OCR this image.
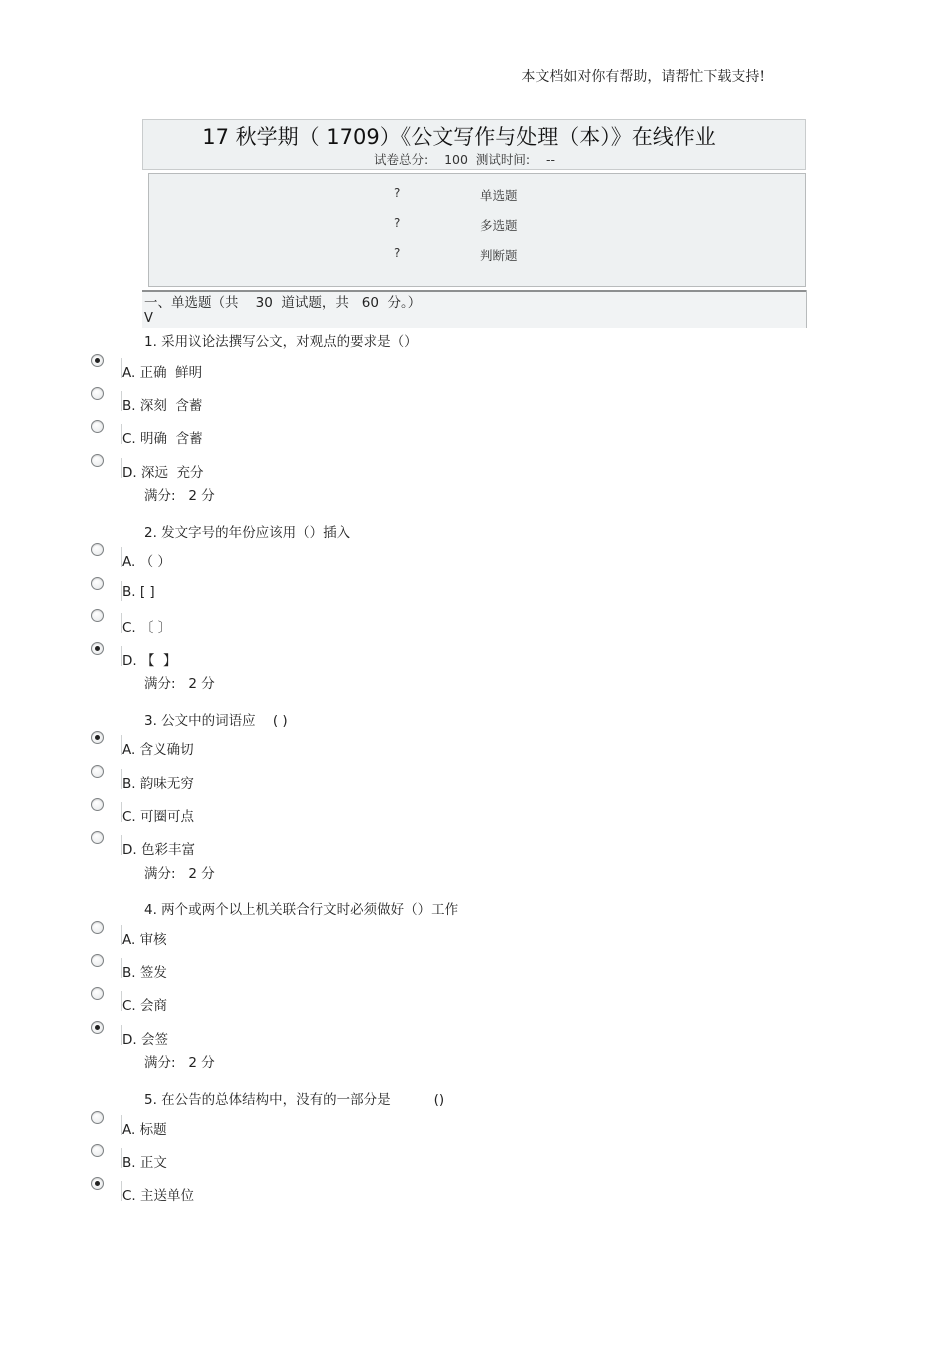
本文档如对你有帮助，请帮忙下载支持!
17 秋学期（ 1709）《公文写作与处理（本）》在线作业
试卷总分:    100  测试时间:    --
?	单选题
?	多选题
?	判断题
一、单选题（共    30  道试题，共   60  分。）
V
1. 采用议论法撰写公文，对观点的要求是（）
A. 正确  鲜明
B. 深刻  含蓄
C. 明确  含蓄
D. 深远  充分
满分:   2 分
2. 发文字号的年份应该用（）插入
A. （ ）
B. [ ]
C. 〔 〕
D. 【  】
满分:   2 分
3. 公文中的词语应    ( )
A. 含义确切
B. 韵味无穷
C. 可圈可点
D. 色彩丰富
满分:   2 分
4. 两个或两个以上机关联合行文时必须做好（）工作
A. 审核
B. 签发
C. 会商
D. 会签
满分:   2 分
5. 在公告的总体结构中，没有的一部分是          ()
A. 标题
B. 正文
C. 主送单位
